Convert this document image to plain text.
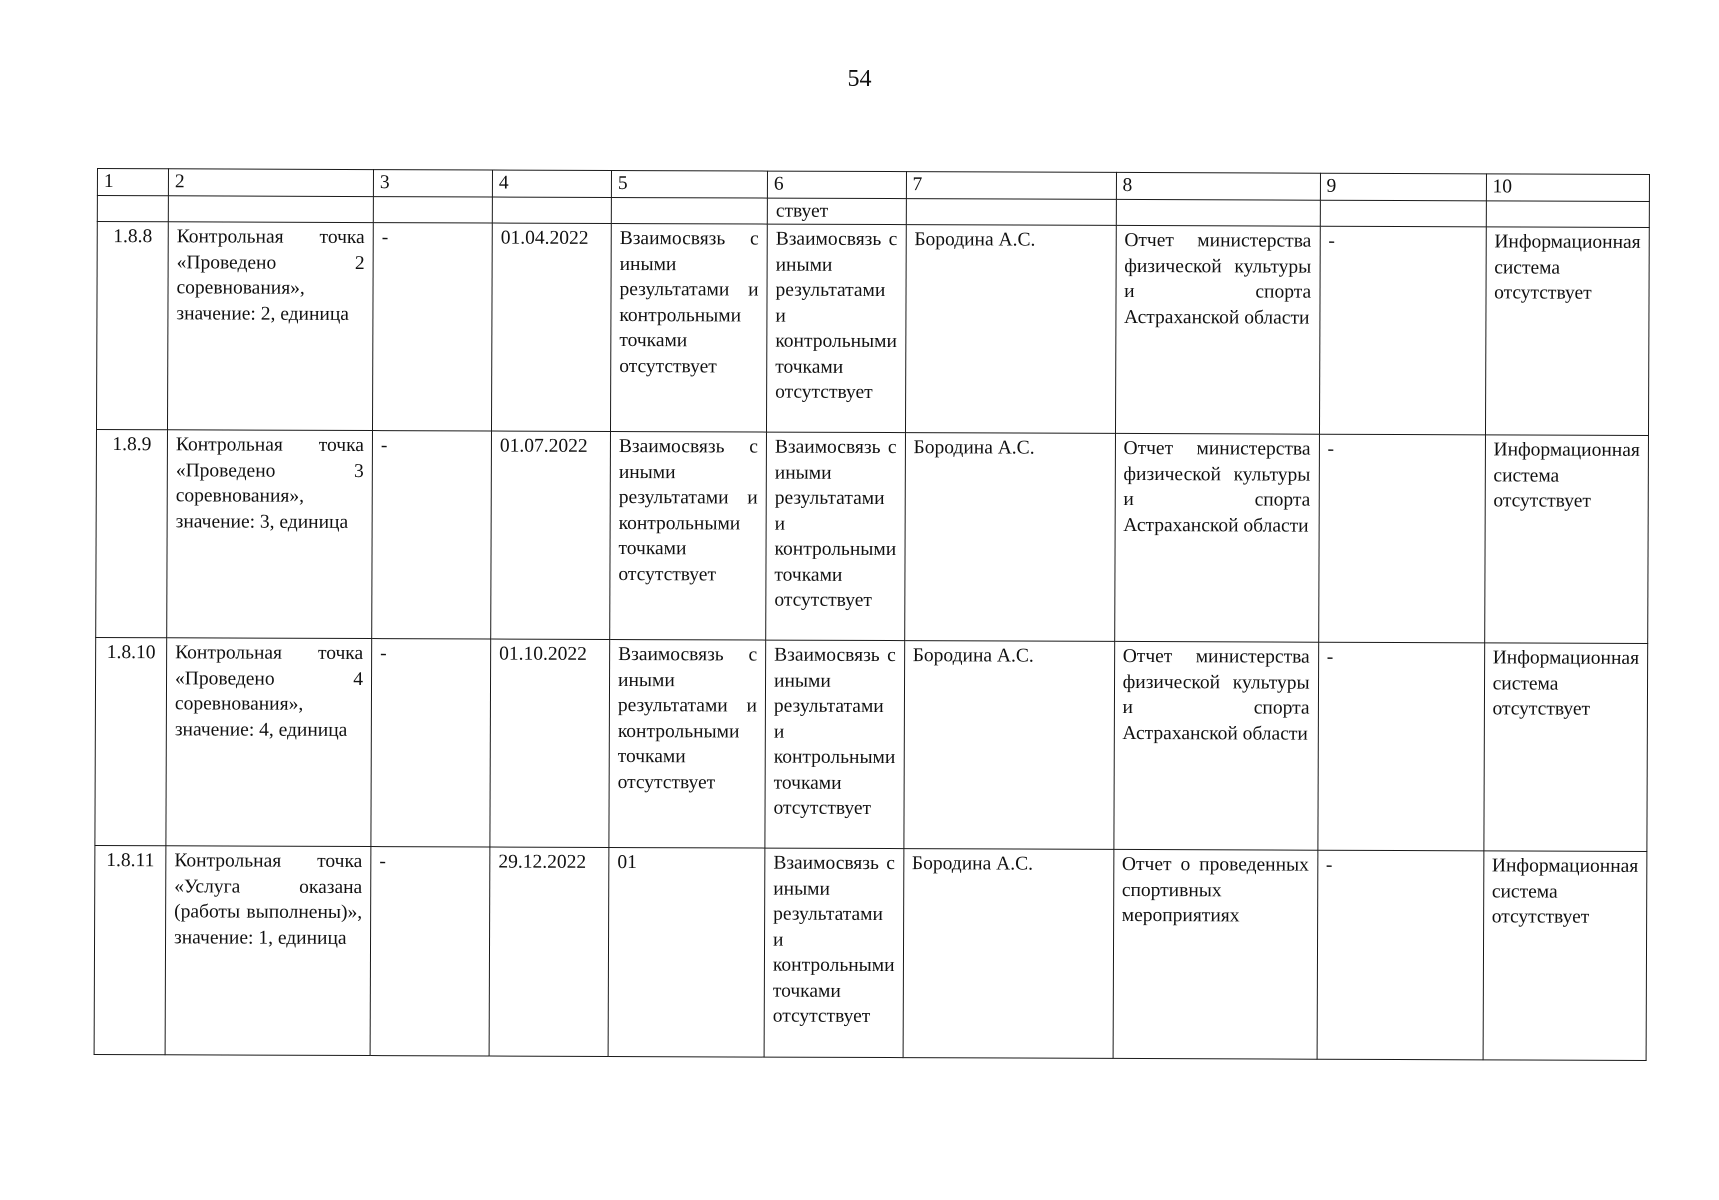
54
1	2	3	4	5	6	7	8	9	10
					ствует				
1.8.8	Контрольная точка «Проведено 2 соревнования», значение: 2, единица	-	01.04.2022	Взаимосвязь с иными результатами и контрольными точками отсутствует	Взаимосвязь с иными результатами и контрольными точками отсутствует	Бородина А.С.	Отчет министерства физической культуры и спорта Астраханской области	-	Информационная система отсутствует
1.8.9	Контрольная точка «Проведено 3 соревнования», значение: 3, единица	-	01.07.2022	Взаимосвязь с иными результатами и контрольными точками отсутствует	Взаимосвязь с иными результатами и контрольными точками отсутствует	Бородина А.С.	Отчет министерства физической культуры и спорта Астраханской области	-	Информационная система отсутствует
1.8.10	Контрольная точка «Проведено 4 соревнования», значение: 4, единица	-	01.10.2022	Взаимосвязь с иными результатами и контрольными точками отсутствует	Взаимосвязь с иными результатами и контрольными точками отсутствует	Бородина А.С.	Отчет министерства физической культуры и спорта Астраханской области	-	Информационная система отсутствует
1.8.11	Контрольная точка «Услуга оказана (работы выполнены)», значение: 1, единица	-	29.12.2022	01	Взаимосвязь с иными результатами и контрольными точками отсутствует	Бородина А.С.	Отчет о проведенных спортивных мероприятиях	-	Информационная система отсутствует
